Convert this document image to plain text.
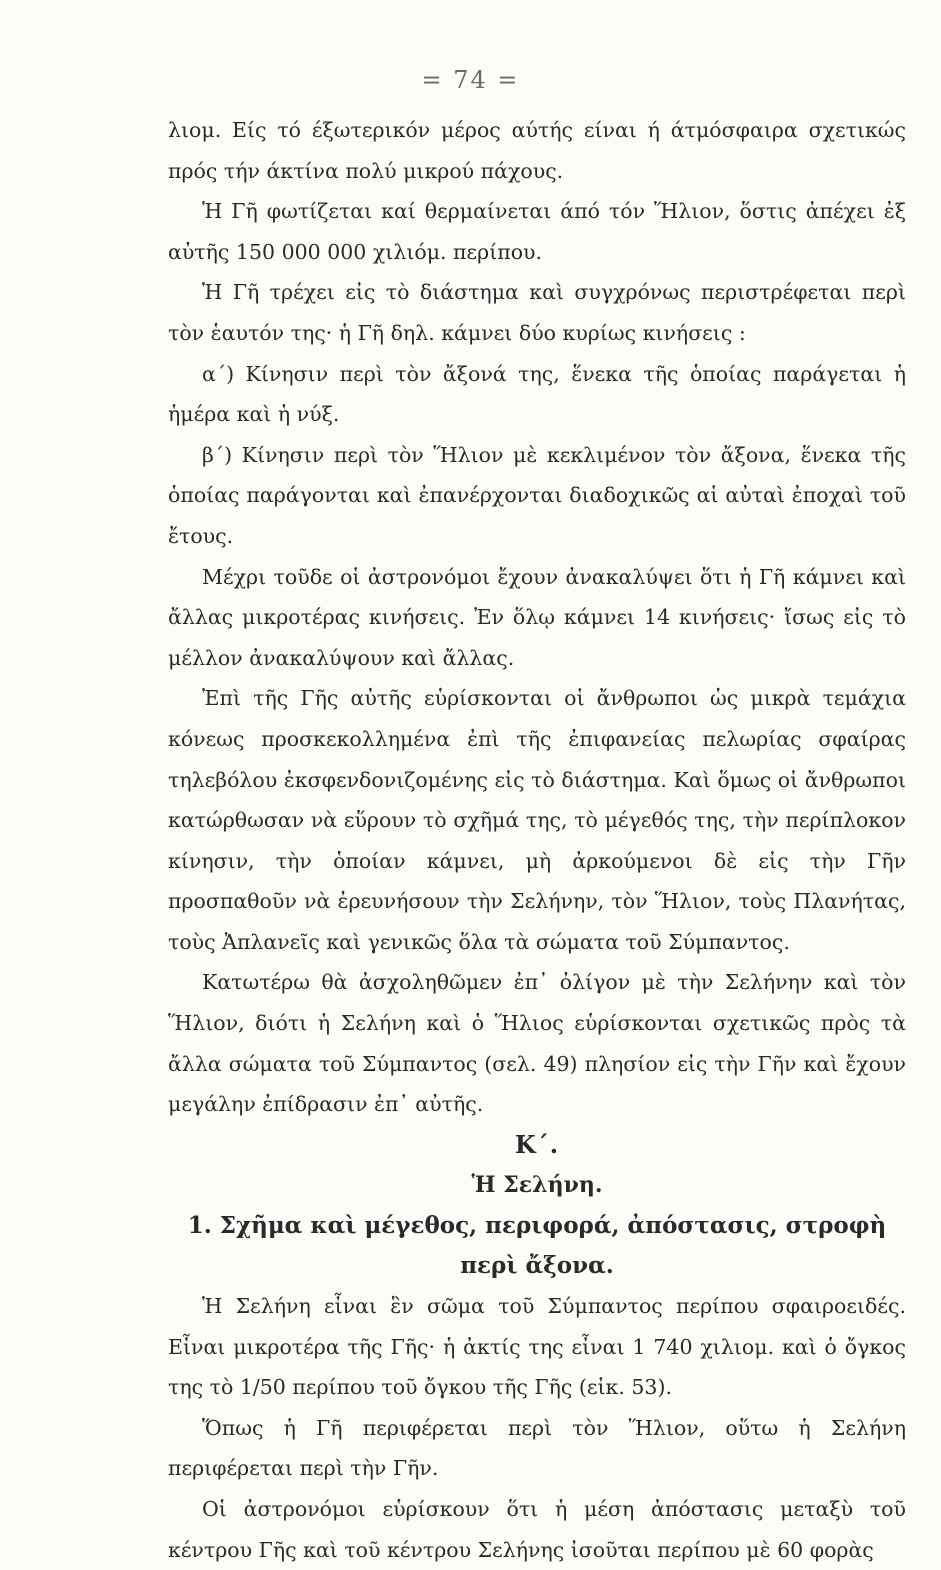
= 74 =

λιομ. Είς τό έξωτερικόν μέρος αύτής είναι ή άτμόσφαιρα σχετικώς πρός τήν άκτίνα πολύ μικρού πάχους.

Ἡ Γῆ φωτίζεται καί θερμαίνεται άπό τόν Ἥλιον, ὅστις ἀπέχει ἐξ αὐτῆς 150 000 000 χιλιόμ. περίπου.

Ἡ Γῆ τρέχει εἰς τὸ διάστημα καὶ συγχρόνως περιστρέφεται περὶ τὸν ἑαυτόν της· ἡ Γῆ δηλ. κάμνει δύο κυρίως κινήσεις :

α΄) Κίνησιν περὶ τὸν ἄξονά της, ἕνεκα τῆς ὁποίας παράγεται ἡ ἡμέρα καὶ ἡ νύξ.

β΄) Κίνησιν περὶ τὸν Ἥλιον μὲ κεκλιμένον τὸν ἄξονα, ἕνεκα τῆς ὁποίας παράγονται καὶ ἐπανέρχονται διαδοχικῶς αἱ αὐταὶ ἐποχαὶ τοῦ ἔτους.

Μέχρι τοῦδε οἱ ἀστρονόμοι ἔχουν ἀνακαλύψει ὅτι ἡ Γῆ κάμνει καὶ ἄλλας μικροτέρας κινήσεις. Ἐν ὅλῳ κάμνει 14 κινήσεις· ἴσως εἰς τὸ μέλλον ἀνακαλύψουν καὶ ἄλλας.

Ἐπὶ τῆς Γῆς αὐτῆς εὑρίσκονται οἱ ἄνθρωποι ὡς μικρὰ τεμάχια κόνεως προσκεκολλημένα ἐπὶ τῆς ἐπιφανείας πελωρίας σφαίρας τηλεβόλου ἐκσφενδονιζομένης εἰς τὸ διάστημα. Καὶ ὅμως οἱ ἄνθρωποι κατώρθωσαν νὰ εὕρουν τὸ σχῆμά της, τὸ μέγεθός της, τὴν περίπλοκον κίνησιν, τὴν ὁποίαν κάμνει, μὴ ἀρκούμενοι δὲ εἰς τὴν Γῆν προσπαθοῦν νὰ ἐρευνήσουν τὴν Σελήνην, τὸν Ἥλιον, τοὺς Πλανήτας, τοὺς Ἀπλανεῖς καὶ γενικῶς ὅλα τὰ σώματα τοῦ Σύμπαντος.

Κατωτέρω θὰ ἀσχοληθῶμεν ἐπ᾿ ὀλίγον μὲ τὴν Σελήνην καὶ τὸν Ἥλιον, διότι ἡ Σελήνη καὶ ὁ Ἥλιος εὑρίσκονται σχετικῶς πρὸς τὰ ἄλλα σώματα τοῦ Σύμπαντος (σελ. 49) πλησίον εἰς τὴν Γῆν καὶ ἔχουν μεγάλην ἐπίδρασιν ἐπ᾿ αὐτῆς.

Κ΄.
Ἡ Σελήνη.
1. Σχῆμα καὶ μέγεθος, περιφορά, ἀπόστασις, στροφὴ περὶ ἄξονα.

Ἡ Σελήνη εἶναι ἓν σῶμα τοῦ Σύμπαντος περίπου σφαιροειδές. Εἶναι μικροτέρα τῆς Γῆς· ἡ ἀκτίς της εἶναι 1 740 χιλιομ. καὶ ὁ ὄγκος της τὸ 1/50 περίπου τοῦ ὄγκου τῆς Γῆς (εἰκ. 53).

Ὅπως ἡ Γῆ περιφέρεται περὶ τὸν Ἥλιον, οὕτω ἡ Σελήνη περιφέρεται περὶ τὴν Γῆν.

Οἱ ἀστρονόμοι εὑρίσκουν ὅτι ἡ μέση ἀπόστασις μεταξὺ τοῦ κέντρου Γῆς καὶ τοῦ κέντρου Σελήνης ἰσοῦται περίπου μὲ 60 φορὰς
